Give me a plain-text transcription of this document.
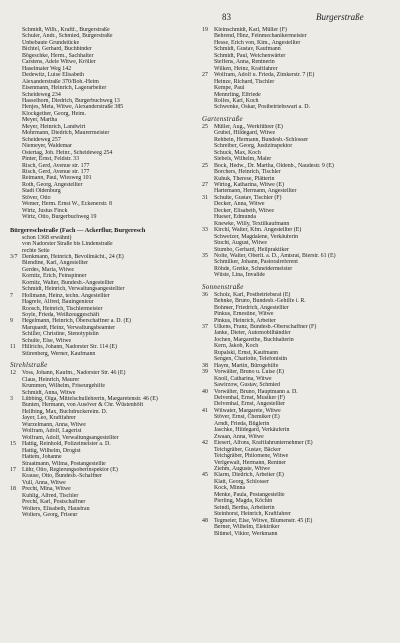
83	Burgerstraße
Schmidt, Wilh., Kraftf., Burgerstraße
Schuler, Andr., Schmied, Burgerstraße
Unbebaute Grundstücke
Bichtel, Gerhard, Buchbinder
Bögeschke, Herm., Sachhalter
Carstens, Adele Witwe, Kröller
Haselmaier Weg 142
Dedewitz, Luise Elisabeth
Alexanderstraße 370/Boh.-Heim
Eisenmann, Heinrich, Lagerarbeiter
Scheideweg 234
Hasselhorn, Diedrich, Burgerbuchweg 13
Henjes, Meta, Witwe, Alexanderstraße 385
Klockgether, Georg, Heim.
Meyer, Martha
Meyer, Heinrich, Landwirt
Mohrmann, Diedrich, Maurermeister
Scheideweg 257
Niemeyer, Waldemar
Ostertag, Joh. Heinr., Scheideweg 254
Pinter, Ernst, Feldstr. 33
Risch, Gerd, Avenue str. 177
Risch, Gerd, Avenue str. 177
Reimann, Paul, Wiesweg 101
Roth, Georg, Angestellter
Stadt Oldenburg
Stöver, Otto
Wemer, Herm. Ernst W., Eckenerstr. 8
Wirtz, Justus Finck
Wirtz, Otto, Burgerbuchweg 19
Bürgereschstraße (Fach — Ackerflur, Burgeresch
schon 1368 erwähnt)
von Nadorster Straße bis Lindenstraße
rechte Seite
3/7 Denkmann, Heinrich, Bevollmächt., 24 (E)
Blendine, Karl, Angestellter
Gerdes, Maria, Witwe
Kornitz, Erich, Feinspinner
Kornitz, Walter, Bundesb.-Angestellter
Schmidt, Heinrich, Verwaltungsangestellter
7 Hollmann, Heinz, techn. Angestellter
Hagrefe, Alfred, Bauingenieur
Roosch, Heinrich, Tischlermeister
Soyle, Frieda, Weißzeuggeschäft
9 Hegelmann, Heinrich, Oberschaffner a. D. (E)
Marquardt, Heinz, Verwaltungsbeamter
Schiller, Christine, Stenotypistin
Schulte, Else, Witwe
11 Hillrichs, Johann, Nadorster Str. 114 (E)
Stürenberg, Werner, Kaufmann
Strehlstraße
12 Voss, Johann, Kaufm., Nadorster Str. 46 (E)
Claus, Heinrich, Maurer
Krummen, Wilhelm, Friseurgehilfe
Schmidt, Anna, Witwe
3 Lübbing, Olga, Mittelschullehrerin, Margaretenstr. 46 (E)
Bunten, Hermann, von Ausöver & Chr. Wüstenhöft
Hellbing, Max, Buchdruckereim. D.
Jayer, Leo, Kraftfahrer
Wurzelmann, Anna, Witwe
Wolfram, Adolf, Lagerist
Wolfram, Adolf, Verwaltungsangestellter
15 Hattig, Reinhold, Polizeimeister a. D.
Hattig, Wilhelm, Drogist
Hattem, Johanne
Straatmann, Wilma, Postangestellte
17 Lühr, Otto, Regierungsoberinspektor (E)
Krause, Otto, Bundesb.-Schaffner
Vull, Anna, Witwe
18 Precht, Mina, Witwe
Kuhlig, Alfred, Tischler
Precht, Karl, Postschaffner
Wolters, Elisabeth, Hausfrau
Wolters, Georg, Friseur
19 Kleinschmidt, Karl, Müller (F)
Behrend, Hinz, Feinmechanikermeister
Hesse, Erich von, Kim., Angestellter
Schmidt, Gustav, Kaufmann
Schmidt, Paul, Weichenwärter
Steffens, Anna, Rentnerin
Wilken, Heinz, Kraftfahrer
27 Wolfram, Adolf u. Frieda, Zimkerstr. 7 (E)
Heinze, Richard, Tischler
Kempe, Paul
Mennrling, Elfriede
Rolfes, Karl, Koch
Schwenke, Oskar, Postbetriebswart a. D.
Gartenstraße
25 Müller, Aug., Werkführer (E)
Grubel, Hildegard, Witwe
Rehbein, Hermann, Bundesb.-Schlosser
Schreiber, Georg, Justizinspektor
Schuck, Max, Koch
Siebels, Wilhelm, Maler
25 Bock, Hedw., Dr. Martha, Oldenb., Naudestr. 9 (E)
Borchers, Heinrich, Tischler
Kuhuk, Therese, Plätterin
27 Wirtog, Katharina, Witwe (E)
Hartemann, Hermann, Angestellter
31 Schulte, Gustav, Tischler (F)
Decker, Anna, Witwe
Decker, Elisabeth, Witwe
Hueser, Edmunda
Knewke, Willy, Textilkaufmann
33 Kirchl, Walter, Kfm. Angestellter (E)
Schweizer, Magdalene, Verkäuferin
Stucht, August, Witwe
Stumbo, Gerhard, Heilpraktiker
35 Nolte, Walter, Oberlt. a. D., Amtsrat, Bierstr. 61 (E)
Schmilker, Johann, Pastoralreferent
Röhde, Gretke, Schneidermeister
Wüste, Lina, Invalide
Sonnenstraße
36 Scholz, Karl, Postbetriebsrat (E)
Behnke, Bruno, Bundesb.-Gehilfe i. R.
Bohmer, Friedrich, Angestellter
Pinkus, Ernestine, Witwe
Pinkus, Heinrich, Arbeiter
37 Ulkens, Franz, Bundesb.-Oberschaffner (F)
Janke, Dieter, Automobilhändler
Jochen, Margarethe, Buchhalterin
Kern, Jakob, Koch
Rupalski, Ernst, Kaufmann
Sengen, Charlotte, Telefonistin
38 Haym, Martin, Bürogehilfe
39 Vorwälter, Bruno u. Luise (E)
Knoll, Catharina, Witwe
Sawirzow, Gustav, Schmied
40 Vorwälter, Bruno, Hauptmann a. D.
Delvenhal, Ernst, Musiker (F)
Delvenhal, Ernst, Angestellter
41 Wilwater, Margarete, Witwe
Stöver, Ernst, Chemiker (E)
Arndt, Frieda, Büglerin
Jaschke, Hildegard, Verkäuferin
Zwaan, Anna, Witwe
42 Eiesert, Alfons, Kraftfahrunternehmer (E)
Teichgräber, Gustav, Bäcker
Teichgräber, Philomene, Witwe
Verlgewalt, Hermann, Rentner
Ziehm, Auguste, Witwe
45 Klarm, Diedrich, Arbeiter (E)
Klatt, Georg, Schlosser
Kock, Minna
Menke, Paula, Postangestellte
Pierling, Magda, Köchin
Seindl, Bertha, Arbeiterin
Steinhorst, Heinrich, Kraftfahrer
48 Tegmeier, Else, Witwe, Blumenstr. 45 (E)
Berner, Wilhelm, Elektriker
Blümel, Viktor, Werkmann
